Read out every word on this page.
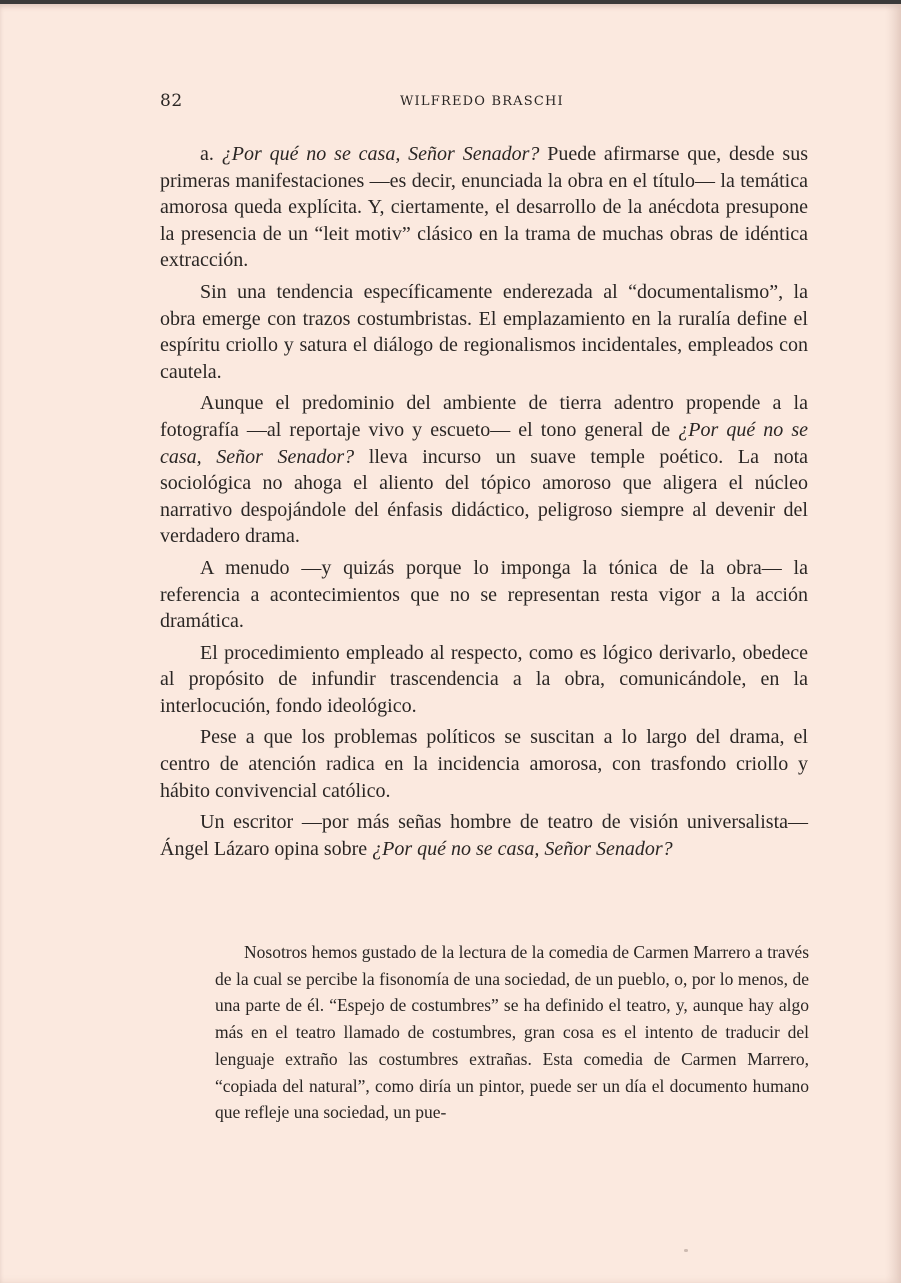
82	WILFREDO BRASCHI

a. ¿Por qué no se casa, Señor Senador? Puede afirmarse que, desde sus primeras manifestaciones —es decir, enunciada la obra en el título— la temática amorosa queda explícita. Y, ciertamente, el desarrollo de la anécdota presupone la presencia de un “leit motiv” clásico en la trama de muchas obras de idéntica extracción.

Sin una tendencia específicamente enderezada al “documentalismo”, la obra emerge con trazos costumbristas. El emplazamiento en la ruralía define el espíritu criollo y satura el diálogo de regionalismos incidentales, empleados con cautela.

Aunque el predominio del ambiente de tierra adentro propende a la fotografía —al reportaje vivo y escueto— el tono general de ¿Por qué no se casa, Señor Senador? lleva incurso un suave temple poético. La nota sociológica no ahoga el aliento del tópico amoroso que aligera el núcleo narrativo despojándole del énfasis didáctico, peligroso siempre al devenir del verdadero drama.

A menudo —y quizás porque lo imponga la tónica de la obra— la referencia a acontecimientos que no se representan resta vigor a la acción dramática.

El procedimiento empleado al respecto, como es lógico derivarlo, obedece al propósito de infundir trascendencia a la obra, comunicándole, en la interlocución, fondo ideológico.

Pese a que los problemas políticos se suscitan a lo largo del drama, el centro de atención radica en la incidencia amorosa, con trasfondo criollo y hábito convivencial católico.

Un escritor —por más señas hombre de teatro de visión universalista—Ángel Lázaro opina sobre ¿Por qué no se casa, Señor Senador?

Nosotros hemos gustado de la lectura de la comedia de Carmen Marrero a través de la cual se percibe la fisonomía de una sociedad, de un pueblo, o, por lo menos, de una parte de él. “Espejo de costumbres” se ha definido el teatro, y, aunque hay algo más en el teatro llamado de costumbres, gran cosa es el intento de traducir del lenguaje extraño las costumbres extrañas. Esta comedia de Carmen Marrero, “copiada del natural”, como diría un pintor, puede ser un día el documento humano que refleje una sociedad, un pue-
